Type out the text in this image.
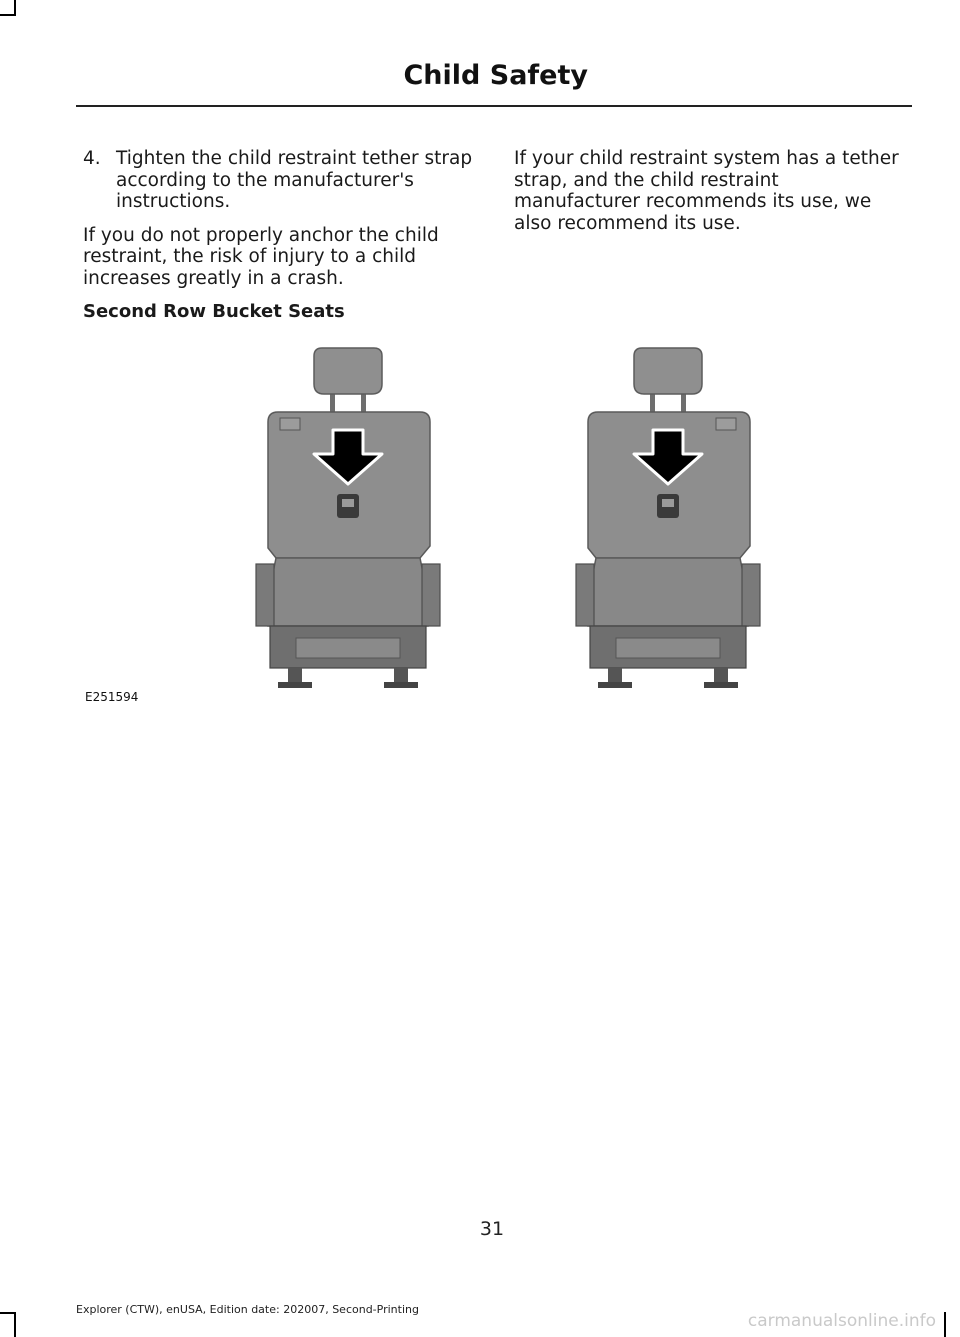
Child Safety
4. Tighten the child restraint tether strap according to the manufacturer's instructions.

If you do not properly anchor the child restraint, the risk of injury to a child increases greatly in a crash.

Second Row Bucket Seats

If your child restraint system has a tether strap, and the child restraint manufacturer recommends its use, we also recommend its use.

E251594
31
Explorer (CTW), enUSA, Edition date: 202007, Second-Printing
carmanualsonline.info
